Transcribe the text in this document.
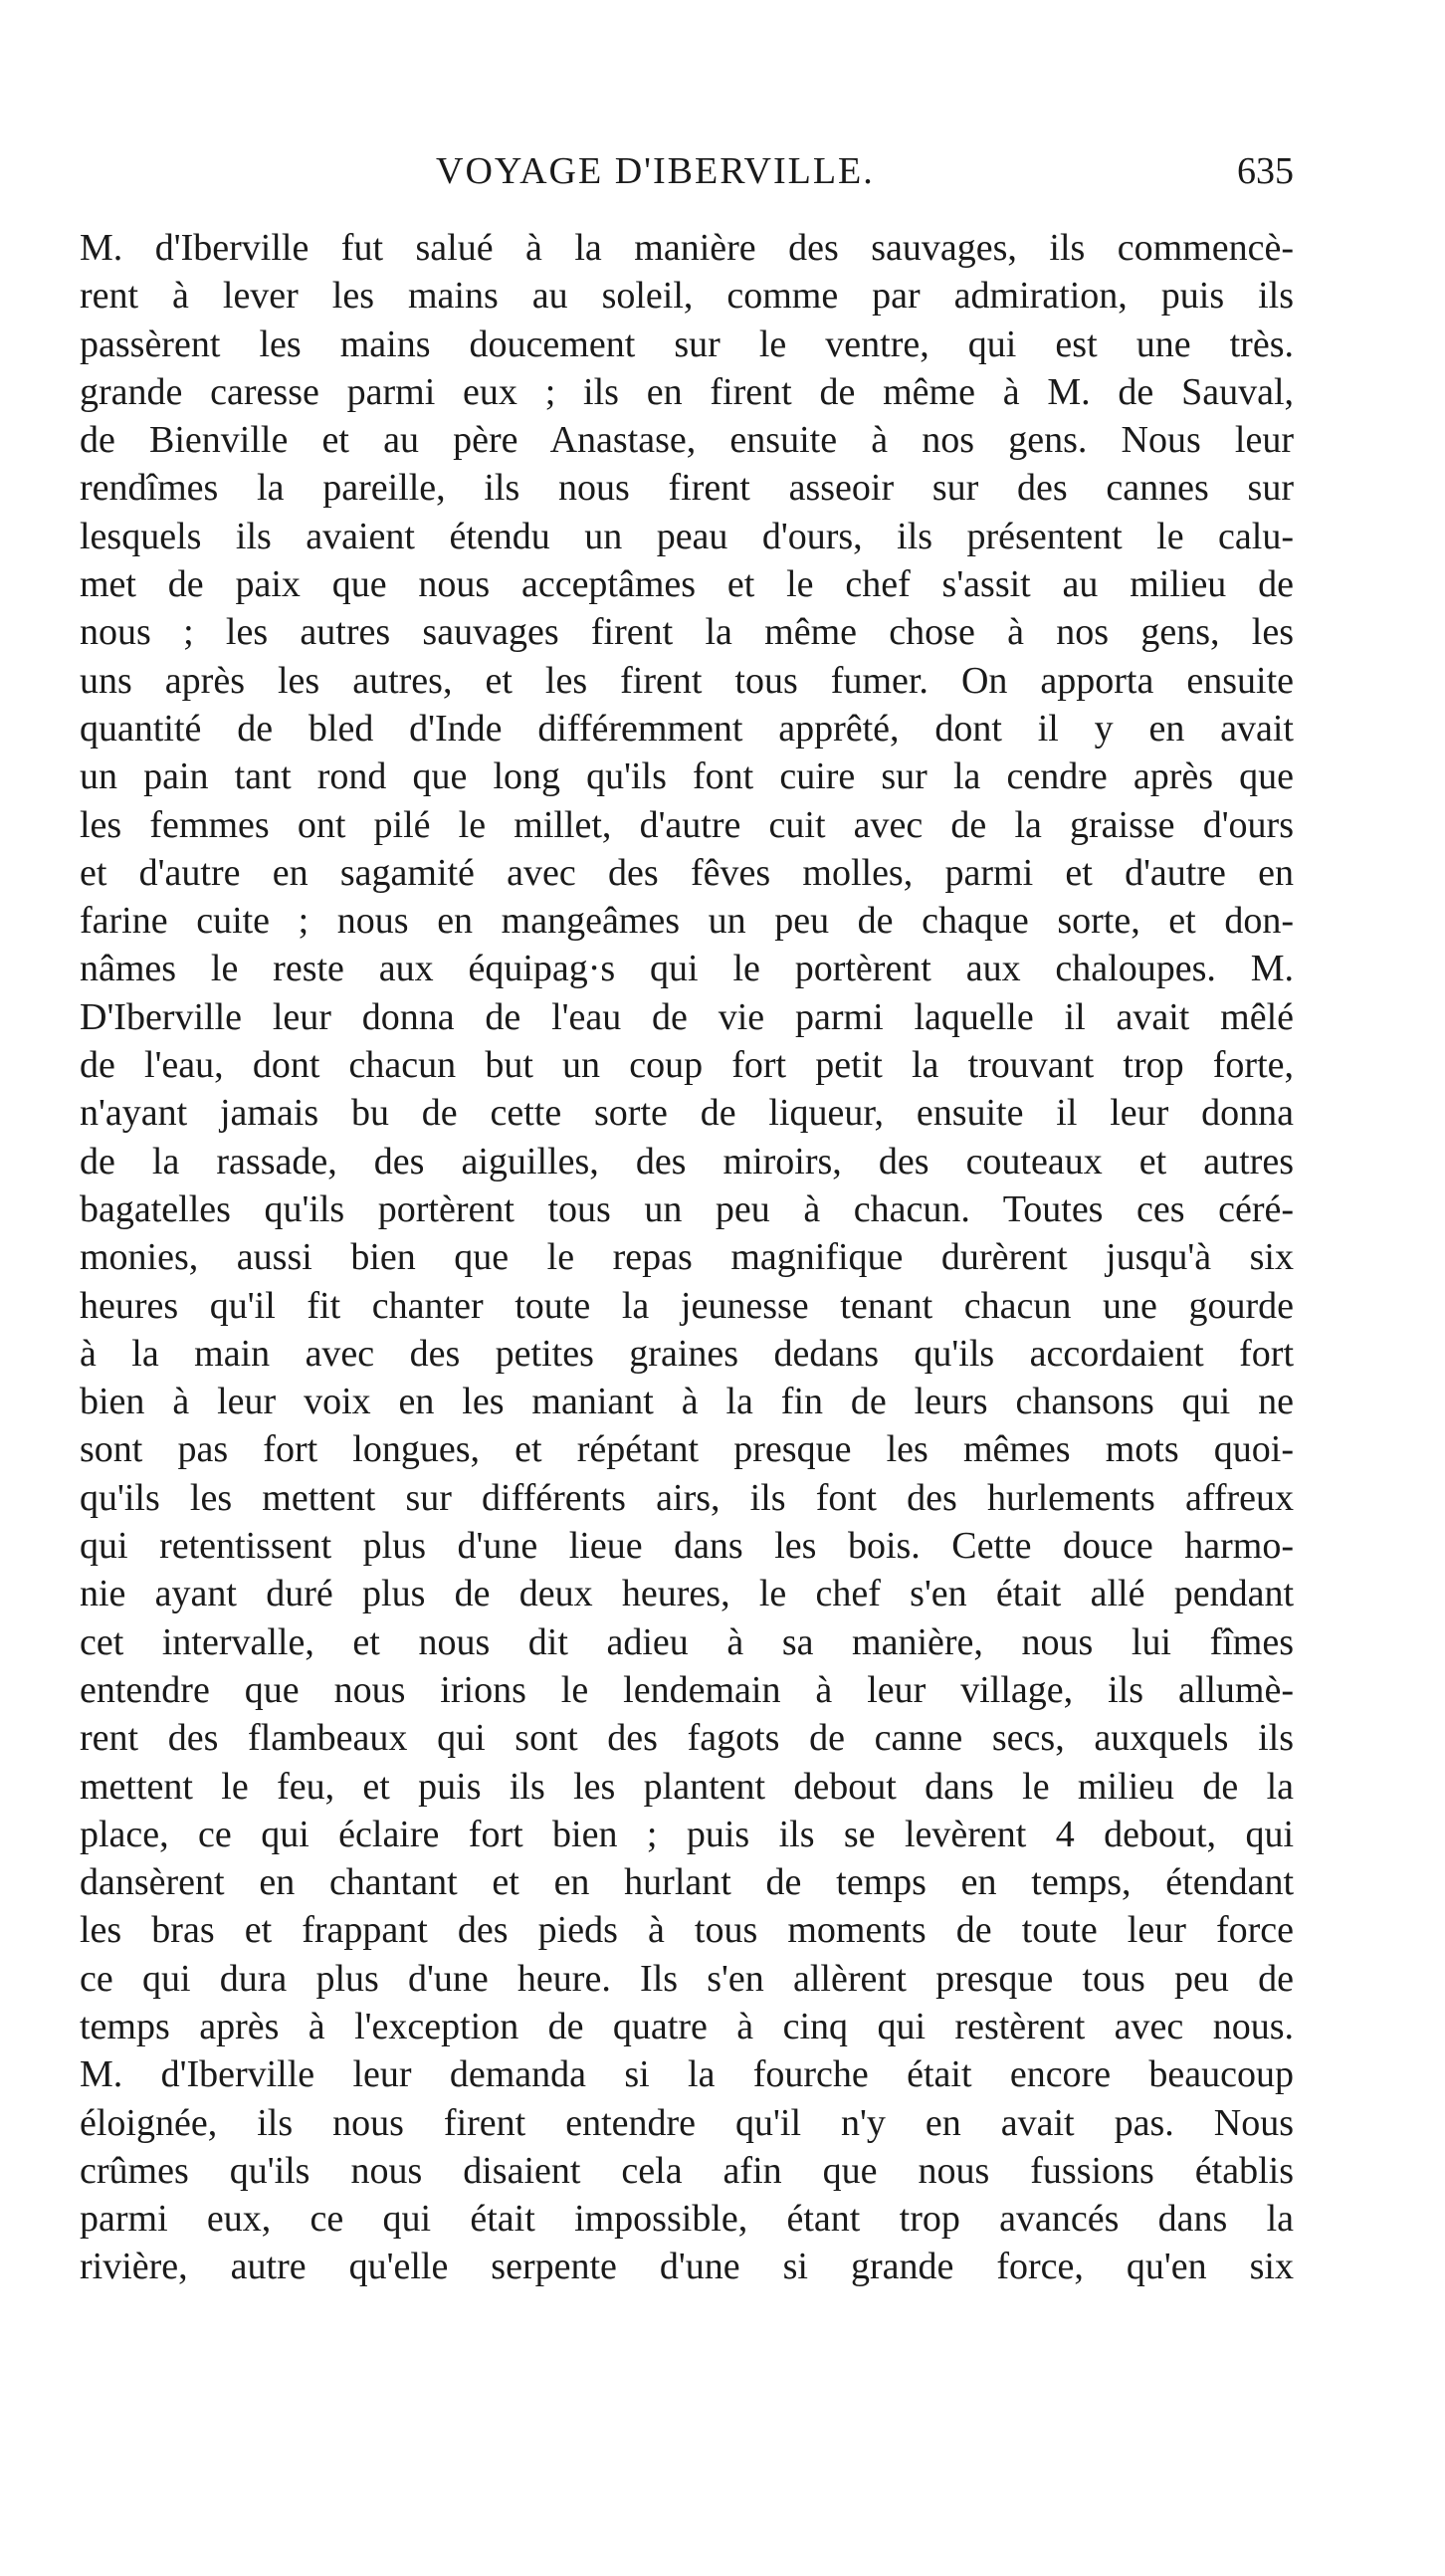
VOYAGE D'IBERVILLE.	635
M. d'Iberville fut salué à la manière des sauvages, ils commencè-
rent à lever les mains au soleil, comme par admiration, puis ils
passèrent les mains doucement sur le ventre, qui est une très.
grande caresse parmi eux ; ils en firent de même à M. de Sauval,
de Bienville et au père Anastase, ensuite à nos gens. Nous leur
rendîmes la pareille, ils nous firent asseoir sur des cannes sur
lesquels ils avaient étendu un peau d'ours, ils présentent le calu-
met de paix que nous acceptâmes et le chef s'assit au milieu de
nous ; les autres sauvages firent la même chose à nos gens, les
uns après les autres, et les firent tous fumer. On apporta ensuite
quantité de bled d'Inde différemment apprêté, dont il y en avait
un pain tant rond que long qu'ils font cuire sur la cendre après que
les femmes ont pilé le millet, d'autre cuit avec de la graisse d'ours
et d'autre en sagamité avec des fêves molles, parmi et d'autre en
farine cuite ; nous en mangeâmes un peu de chaque sorte, et don-
nâmes le reste aux équipag·s qui le portèrent aux chaloupes. M.
D'Iberville leur donna de l'eau de vie parmi laquelle il avait mêlé
de l'eau, dont chacun but un coup fort petit la trouvant trop forte,
n'ayant jamais bu de cette sorte de liqueur, ensuite il leur donna
de la rassade, des aiguilles, des miroirs, des couteaux et autres
bagatelles qu'ils portèrent tous un peu à chacun. Toutes ces céré-
monies, aussi bien que le repas magnifique durèrent jusqu'à six
heures qu'il fit chanter toute la jeunesse tenant chacun une gourde
à la main avec des petites graines dedans qu'ils accordaient fort
bien à leur voix en les maniant à la fin de leurs chansons qui ne
sont pas fort longues, et répétant presque les mêmes mots quoi-
qu'ils les mettent sur différents airs, ils font des hurlements affreux
qui retentissent plus d'une lieue dans les bois. Cette douce harmo-
nie ayant duré plus de deux heures, le chef s'en était allé pendant
cet intervalle, et nous dit adieu à sa manière, nous lui fîmes
entendre que nous irions le lendemain à leur village, ils allumè-
rent des flambeaux qui sont des fagots de canne secs, auxquels ils
mettent le feu, et puis ils les plantent debout dans le milieu de la
place, ce qui éclaire fort bien ; puis ils se levèrent 4 debout, qui
dansèrent en chantant et en hurlant de temps en temps, étendant
les bras et frappant des pieds à tous moments de toute leur force
ce qui dura plus d'une heure. Ils s'en allèrent presque tous peu de
temps après à l'exception de quatre à cinq qui restèrent avec nous.
M. d'Iberville leur demanda si la fourche était encore beaucoup
éloignée, ils nous firent entendre qu'il n'y en avait pas. Nous
crûmes qu'ils nous disaient cela afin que nous fussions établis
parmi eux, ce qui était impossible, étant trop avancés dans la
rivière, autre qu'elle serpente d'une si grande force, qu'en six
